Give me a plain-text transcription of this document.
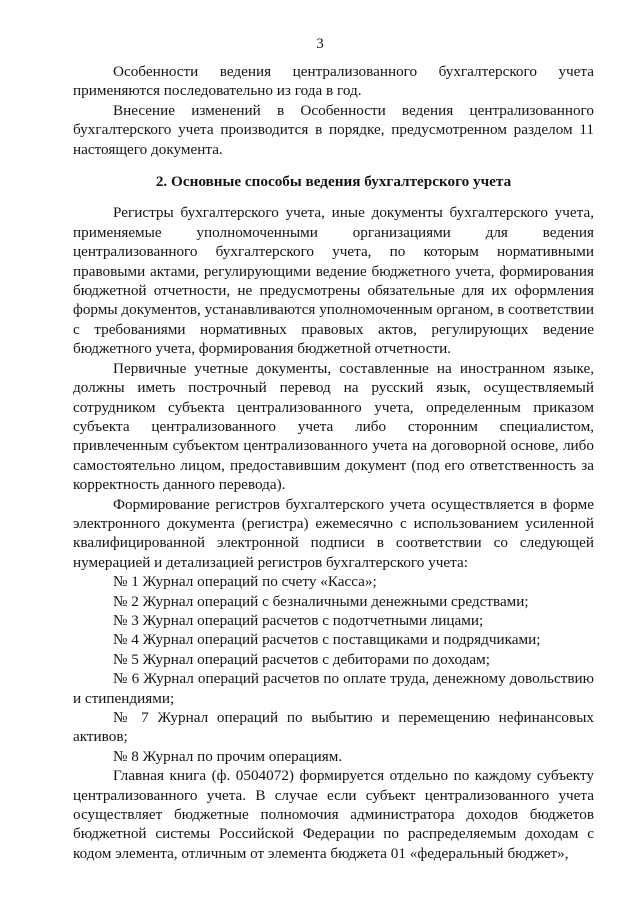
3

Особенности ведения централизованного бухгалтерского учета применяются последовательно из года в год.

Внесение изменений в Особенности ведения централизованного бухгалтерского учета производится в порядке, предусмотренном разделом 11 настоящего документа.

2. Основные способы ведения бухгалтерского учета

Регистры бухгалтерского учета, иные документы бухгалтерского учета, применяемые уполномоченными организациями для ведения централизованного бухгалтерского учета, по которым нормативными правовыми актами, регулирующими ведение бюджетного учета, формирования бюджетной отчетности, не предусмотрены обязательные для их оформления формы документов, устанавливаются уполномоченным органом, в соответствии с требованиями нормативных правовых актов, регулирующих ведение бюджетного учета, формирования бюджетной отчетности.

Первичные учетные документы, составленные на иностранном языке, должны иметь построчный перевод на русский язык, осуществляемый сотрудником субъекта централизованного учета, определенным приказом субъекта централизованного учета либо сторонним специалистом, привлеченным субъектом централизованного учета на договорной основе, либо самостоятельно лицом, предоставившим документ (под его ответственность за корректность данного перевода).

Формирование регистров бухгалтерского учета осуществляется в форме электронного документа (регистра) ежемесячно с использованием усиленной квалифицированной электронной подписи в соответствии со следующей нумерацией и детализацией регистров бухгалтерского учета:

№ 1 Журнал операций по счету «Касса»;

№ 2 Журнал операций с безналичными денежными средствами;

№ 3 Журнал операций расчетов с подотчетными лицами;

№ 4 Журнал операций расчетов с поставщиками и подрядчиками;

№ 5 Журнал операций расчетов с дебиторами по доходам;

№ 6 Журнал операций расчетов по оплате труда, денежному довольствию и стипендиями;

№ 7 Журнал операций по выбытию и перемещению нефинансовых активов;

№ 8 Журнал по прочим операциям.

Главная книга (ф. 0504072) формируется отдельно по каждому субъекту централизованного учета. В случае если субъект централизованного учета осуществляет бюджетные полномочия администратора доходов бюджетов бюджетной системы Российской Федерации по распределяемым доходам с кодом элемента, отличным от элемента бюджета 01 «федеральный бюджет»,
